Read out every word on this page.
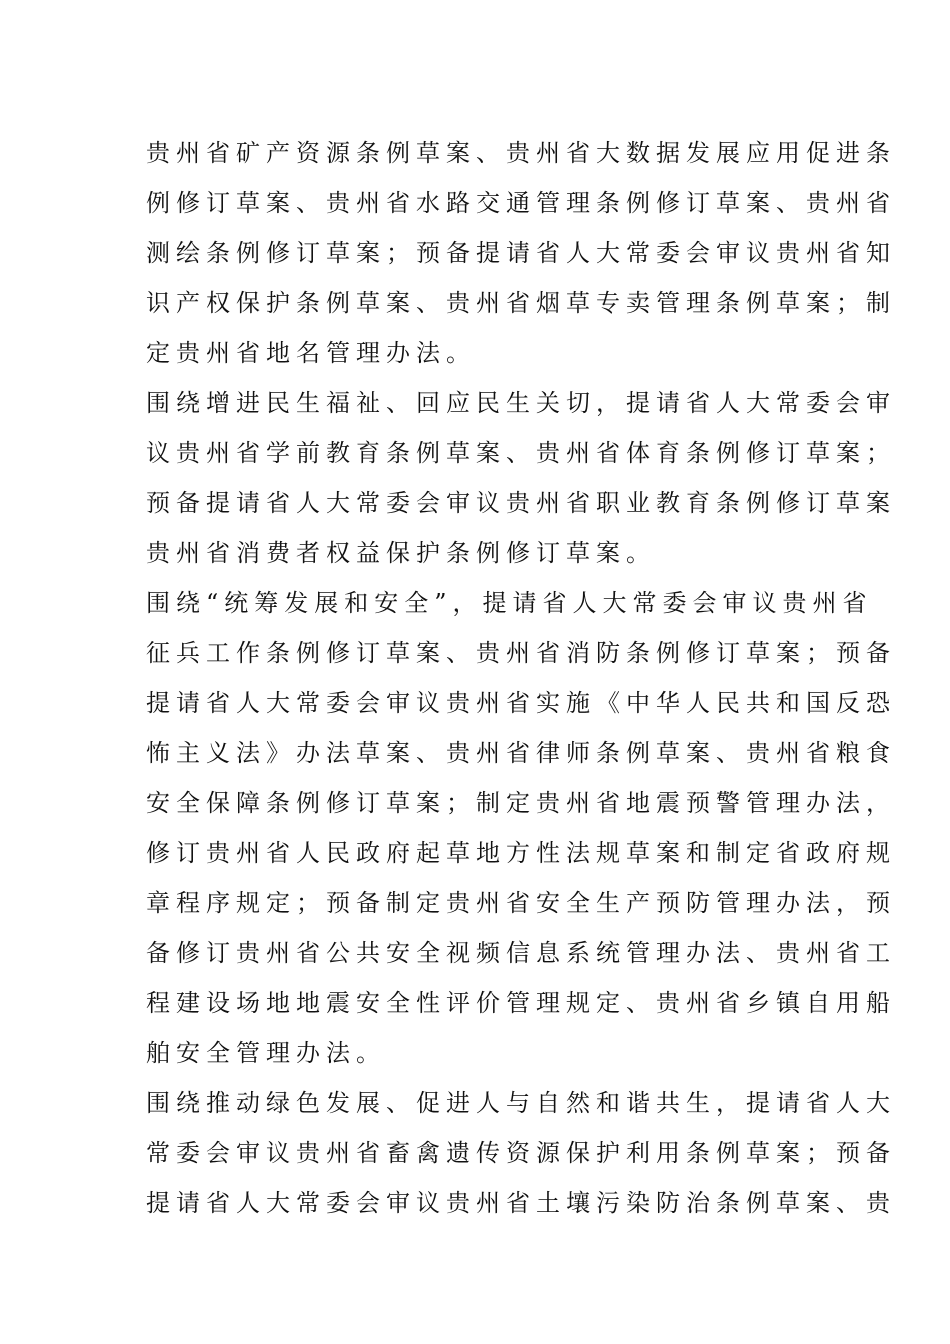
贵州省矿产资源条例草案、贵州省大数据发展应用促进条
例修订草案、贵州省水路交通管理条例修订草案、贵州省
测绘条例修订草案；预备提请省人大常委会审议贵州省知
识产权保护条例草案、贵州省烟草专卖管理条例草案；制
定贵州省地名管理办法。
围绕增进民生福祉、回应民生关切，提请省人大常委会审
议贵州省学前教育条例草案、贵州省体育条例修订草案；
预备提请省人大常委会审议贵州省职业教育条例修订草案
贵州省消费者权益保护条例修订草案。
围绕“统筹发展和安全”，提请省人大常委会审议贵州省
征兵工作条例修订草案、贵州省消防条例修订草案；预备
提请省人大常委会审议贵州省实施《中华人民共和国反恐
怖主义法》办法草案、贵州省律师条例草案、贵州省粮食
安全保障条例修订草案；制定贵州省地震预警管理办法，
修订贵州省人民政府起草地方性法规草案和制定省政府规
章程序规定；预备制定贵州省安全生产预防管理办法，预
备修订贵州省公共安全视频信息系统管理办法、贵州省工
程建设场地地震安全性评价管理规定、贵州省乡镇自用船
舶安全管理办法。
围绕推动绿色发展、促进人与自然和谐共生，提请省人大
常委会审议贵州省畜禽遗传资源保护利用条例草案；预备
提请省人大常委会审议贵州省土壤污染防治条例草案、贵
